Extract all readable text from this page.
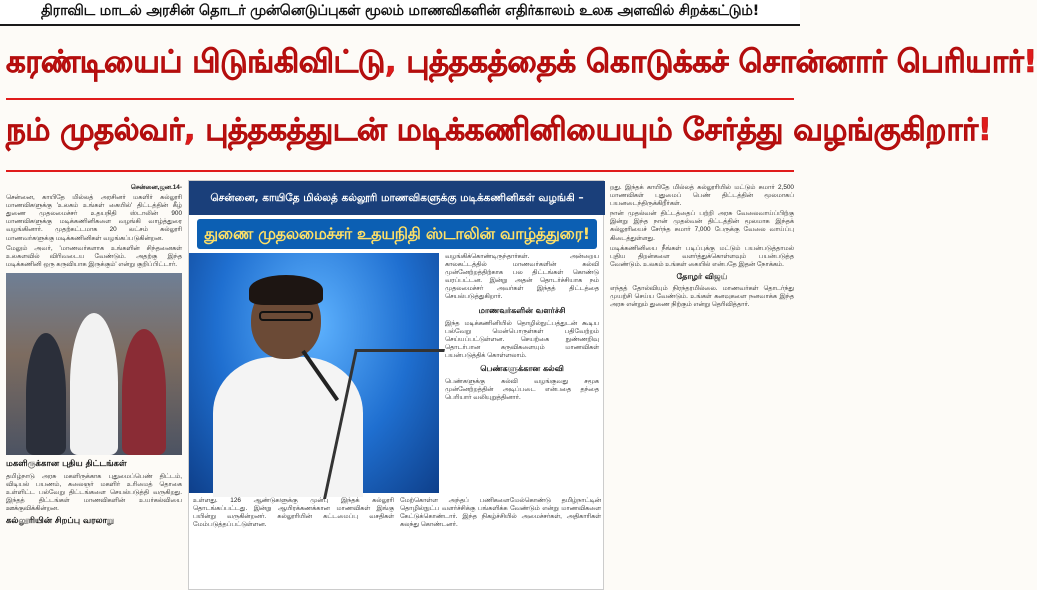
திராவிட மாடல் அரசின் தொடர் முன்னெடுப்புகள் மூலம் மாணவிகளின் எதிர்காலம் உலக அளவில் சிறக்கட்டும்!
கரண்டியைப் பிடுங்கிவிட்டு, புத்தகத்தைக் கொடுக்கச் சொன்னார் பெரியார்!
நம் முதல்வர், புத்தகத்துடன் மடிக்கணினியையும் சேர்த்து வழங்குகிறார்!

சென்னை,ஜன.14-

சென்னை, காயிதே மில்லத் அரசினர் மகளிர் கல்லூரி மாணவிகளுக்கு 'உலகம் உங்கள் கையில்' திட்டத்தின் கீழ் துணை முதலமைச்சர் உதயநிதி ஸ்டாலின் 900 மாணவிகளுக்கு மடிக்கணினிகளை வழங்கி வாழ்த்துரை வழங்கினார். முதற்கட்டமாக 20 லட்சம் கல்லூரி மாணவர்களுக்கு மடிக்கணினிகள் வழங்கப்படுகின்றன.

மேலும் அவர், 'மாணவர்களாக உங்களின் சிந்தனைகள் உலகளவில் விரிவடைய வேண்டும். அதற்கு இந்த மடிக்கணினி ஒரு கருவியாக இருக்கும்' என்று குறிப்பிட்டார்.

மகளிருக்கான புதிய திட்டங்கள்

தமிழ்நாடு அரசு மகளிருக்காக புதுமைப்பெண் திட்டம், விடியல் பயணம், கலைஞர் மகளிர் உரிமைத் தொகை உள்ளிட்ட பல்வேறு திட்டங்களை செயல்படுத்தி வருகிறது. இந்தத் திட்டங்கள் மாணவிகளின் உயர்கல்வியை ஊக்குவிக்கின்றன.

கல்லூரியின் சிறப்பு வரலாறு
சென்னை, காயிதே மில்லத் கல்லூரி மாணவிகளுக்கு மடிக்கணினிகள் வழங்கி –
துணை முதலமைச்சர் உதயநிதி ஸ்டாலின் வாழ்த்துரை!

வழங்கிக்கொண்டிருந்தார்கள். அன்றைய காலகட்டத்தில் மாணவர்களின் கல்வி முன்னேற்றத்திற்காக பல திட்டங்கள் கொண்டு வரப்பட்டன. இன்று அதன் தொடர்ச்சியாக நம் முதலமைச்சர் அவர்கள் இந்தத் திட்டத்தை செயல்படுத்துகிறார்.

மாணவர்களின் வளர்ச்சி

இந்த மடிக்கணினியில் தொழில்நுட்பத்துடன் கூடிய பல்வேறு மென்பொருள்கள் பதிவேற்றம் செய்யப்பட்டுள்ளன. செயற்கை நுண்ணறிவு தொடர்பான கருவிகளையும் மாணவிகள் பயன்படுத்திக் கொள்ளலாம்.

பெண்களுக்கான கல்வி

பெண்களுக்கு கல்வி வழங்குவது சமூக முன்னேற்றத்தின் அடிப்படை என்பதை தந்தை பெரியார் வலியுறுத்தினார்.

உள்ளது. 126 ஆண்டுகளுக்கு முன்பு இந்தக் கல்லூரி தொடங்கப்பட்டது. இன்று ஆயிரக்கணக்கான மாணவிகள் இங்கு பயின்று வருகின்றனர். கல்லூரியின் கட்டமைப்பு வசதிகள் மேம்படுத்தப்பட்டுள்ளன.

மேற்கொள்ள அந்தப் பணிகளைமேல்கொண்டு தமிழ்நாட்டின் தொழில்நுட்ப வளர்ச்சிக்கு பங்களிக்க வேண்டும் என்று மாணவிகளை கேட்டுக்கொண்டார். இந்த நிகழ்ச்சியில் அமைச்சர்கள், அதிகாரிகள் கலந்து கொண்டனர்.

றது. இந்தக் காயிதே மில்லத் கல்லூரியில் மட்டும் சுமார் 2,500 மாணவிகள் புதுமைப் பெண் திட்டத்தின் மூலமாகப் பயனடைந்திருக்கிறீர்கள்.

நான் முதல்வன் திட்டத்தைப் பற்றி அரசு வேலைவாய்ப்பிற்கு இன்று இந்த நான் முதல்வன் திட்டத்தின் மூலமாக இந்தக் கல்லூரியைச் சேர்ந்த சுமார் 7,000 பேருக்கு வேலை வாய்ப்பு கிடைத்துள்ளது.

மடிக்கணினியை நீங்கள் படிப்புக்கு மட்டும் பயன்படுத்தாமல் புதிய திறன்களை வளர்த்துக்கொள்ளவும் பயன்படுத்த வேண்டும். உலகம் உங்கள் கையில் என்பதே இதன் நோக்கம்.

தோழர் விஜய்

எந்தத் தோல்வியும் நிரந்தரமில்லை. மாணவர்கள் தொடர்ந்து முயற்சி செய்ய வேண்டும். உங்கள் கனவுகளை நனவாக்க இந்த அரசு என்றும் துணை நிற்கும் என்று தெரிவித்தார்.
